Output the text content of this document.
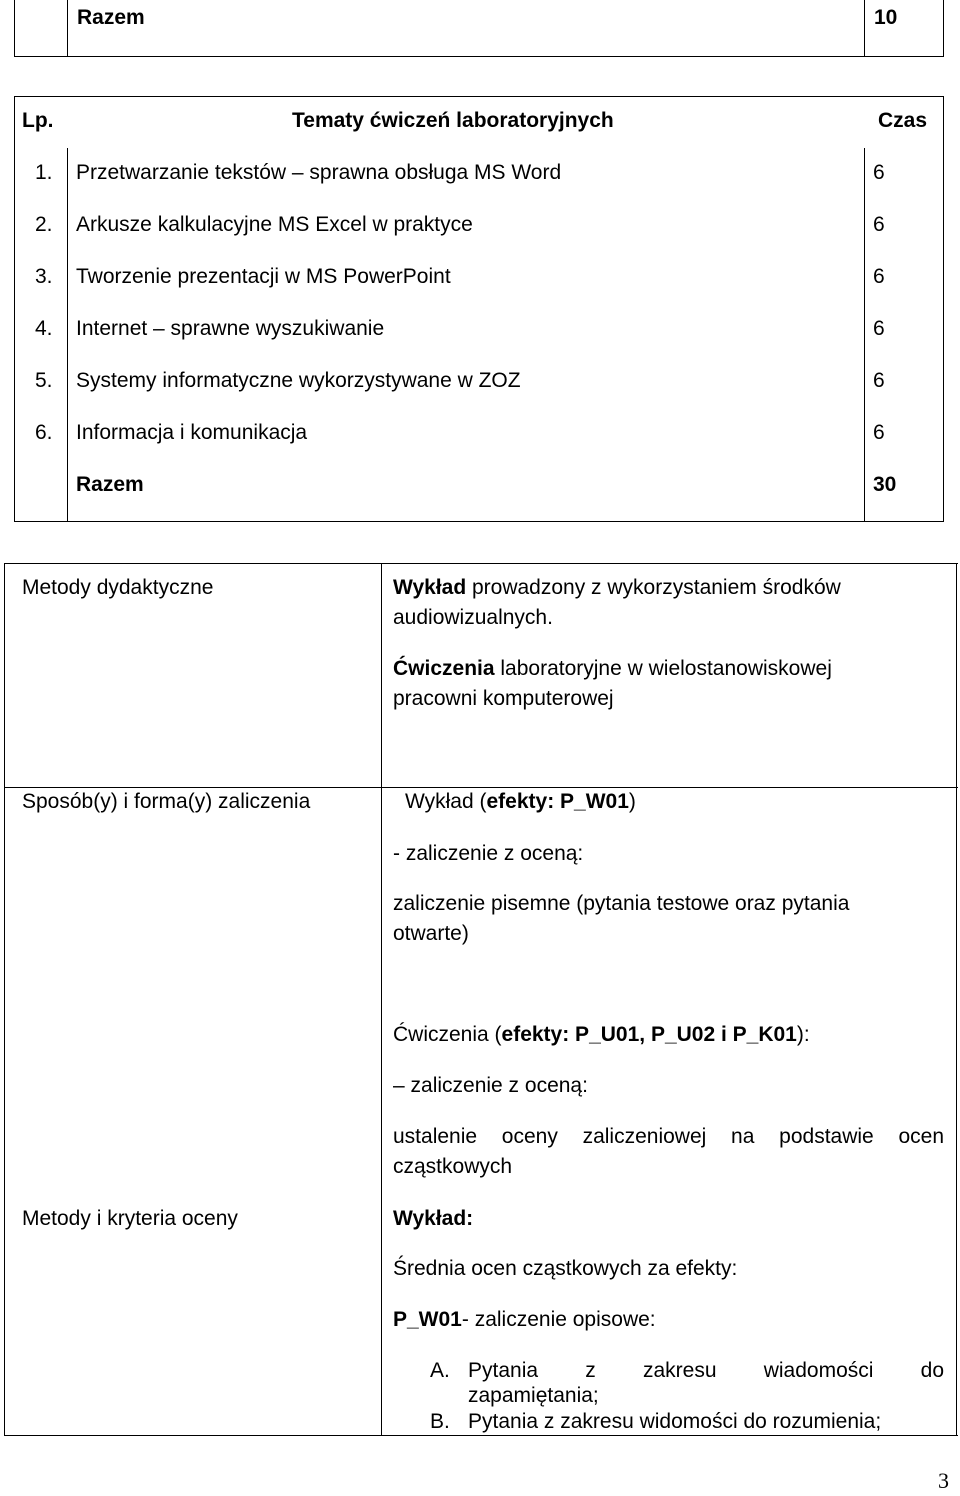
Razem	10
Lp.	Tematy ćwiczeń laboratoryjnych	Czas
1. Przetwarzanie tekstów – sprawna obsługa MS Word	6
2. Arkusze kalkulacyjne MS Excel w praktyce	6
3. Tworzenie prezentacji w MS PowerPoint	6
4. Internet – sprawne wyszukiwanie	6
5. Systemy informatyczne wykorzystywane w ZOZ	6
6. Informacja i komunikacja	6
Razem	30
Metody dydaktyczne	Wykład prowadzony z wykorzystaniem środków
audiowizualnych.
Ćwiczenia laboratoryjne w wielostanowiskowej
pracowni komputerowej
Sposób(y) i forma(y) zaliczenia	Wykład (efekty: P_W01)
- zaliczenie z oceną:
zaliczenie pisemne (pytania testowe oraz pytania
otwarte)
Ćwiczenia (efekty: P_U01, P_U02 i P_K01):
– zaliczenie z oceną:
ustalenie oceny zaliczeniowej na podstawie ocen
cząstkowych
Metody i kryteria oceny	Wykład:
Średnia ocen cząstkowych za efekty:
P_W01- zaliczenie opisowe:
A. Pytania z zakresu wiadomości do
zapamiętania;
B. Pytania z zakresu widomości do rozumienia;
3
